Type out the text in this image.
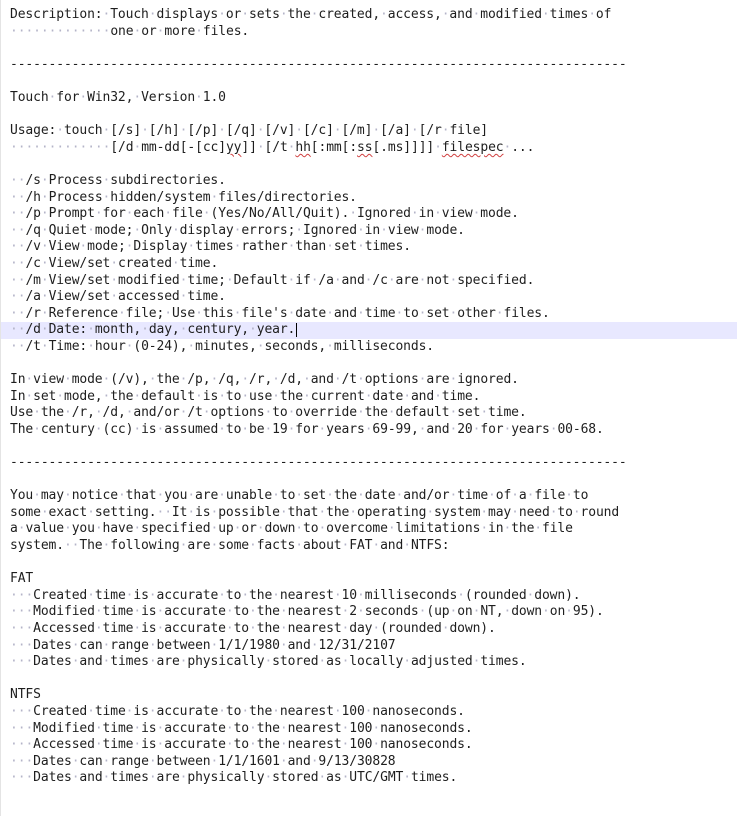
Description:·Touch·displays·or·sets·the·created,·access,·and·modified·times·of
·············one·or·more·files.
--------------------------------------------------------------------------------
Touch·for·Win32,·Version·1.0
Usage:·touch·[/s]·[/h]·[/p]·[/q]·[/v]·[/c]·[/m]·[/a]·[/r·file]
·············[/d·mm-dd[-[cc]yy]]·[/t·hh[:mm[:ss[.ms]]]]·filespec·...
··/s·Process·subdirectories.
··/h·Process·hidden/system·files/directories.
··/p·Prompt·for·each·file·(Yes/No/All/Quit).·Ignored·in·view·mode.
··/q·Quiet·mode;·Only·display·errors;·Ignored·in·view·mode.
··/v·View·mode;·Display·times·rather·than·set·times.
··/c·View/set·created·time.
··/m·View/set·modified·time;·Default·if·/a·and·/c·are·not·specified.
··/a·View/set·accessed·time.
··/r·Reference·file;·Use·this·file's·date·and·time·to·set·other·files.
··/d·Date:·month,·day,·century,·year.
··/t·Time:·hour·(0-24),·minutes,·seconds,·milliseconds.
In·view·mode·(/v),·the·/p,·/q,·/r,·/d,·and·/t·options·are·ignored.
In·set·mode,·the·default·is·to·use·the·current·date·and·time.
Use·the·/r,·/d,·and/or·/t·options·to·override·the·default·set·time.
The·century·(cc)·is·assumed·to·be·19·for·years·69-99,·and·20·for·years·00-68.
--------------------------------------------------------------------------------
You·may·notice·that·you·are·unable·to·set·the·date·and/or·time·of·a·file·to
some·exact·setting.··It·is·possible·that·the·operating·system·may·need·to·round
a·value·you·have·specified·up·or·down·to·overcome·limitations·in·the·file
system.··The·following·are·some·facts·about·FAT·and·NTFS:
FAT
···Created·time·is·accurate·to·the·nearest·10·milliseconds·(rounded·down).
···Modified·time·is·accurate·to·the·nearest·2·seconds·(up·on·NT,·down·on·95).
···Accessed·time·is·accurate·to·the·nearest·day·(rounded·down).
···Dates·can·range·between·1/1/1980·and·12/31/2107
···Dates·and·times·are·physically·stored·as·locally·adjusted·times.
NTFS
···Created·time·is·accurate·to·the·nearest·100·nanoseconds.
···Modified·time·is·accurate·to·the·nearest·100·nanoseconds.
···Accessed·time·is·accurate·to·the·nearest·100·nanoseconds.
···Dates·can·range·between·1/1/1601·and·9/13/30828
···Dates·and·times·are·physically·stored·as·UTC/GMT·times.
